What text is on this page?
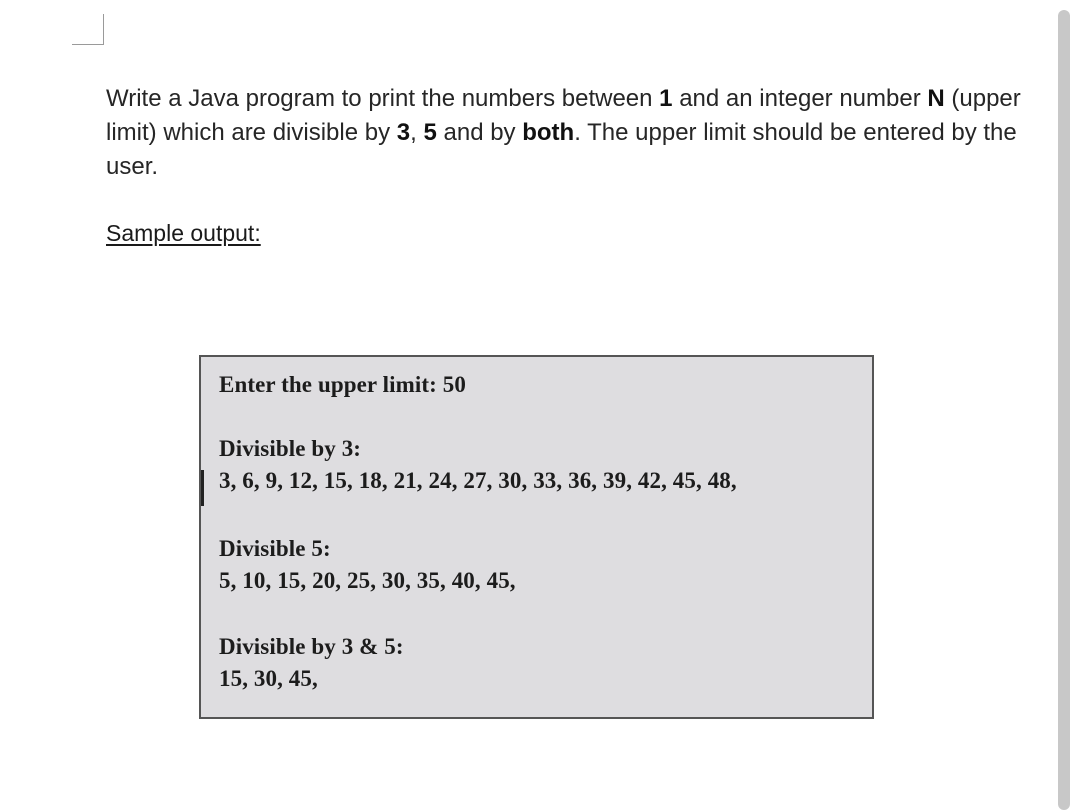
Write a Java program to print the numbers between 1 and an integer number N (upper limit) which are divisible by 3, 5 and by both. The upper limit should be entered by the user.
Sample output:
Enter the upper limit: 50
Divisible by 3:
3, 6, 9, 12, 15, 18, 21, 24, 27, 30, 33, 36, 39, 42, 45, 48,
Divisible 5:
5, 10, 15, 20, 25, 30, 35, 40, 45,
Divisible by 3 & 5:
15, 30, 45,
